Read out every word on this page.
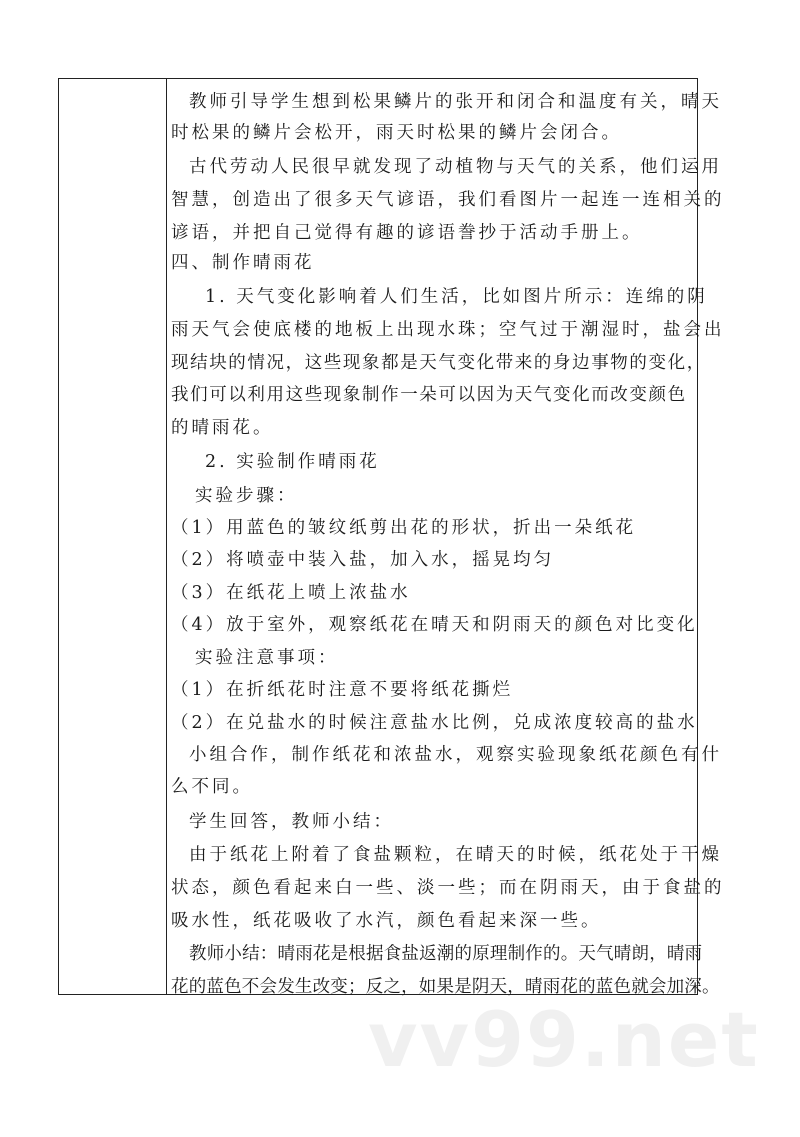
教师引导学生想到松果鳞片的张开和闭合和温度有关，晴天
时松果的鳞片会松开，雨天时松果的鳞片会闭合。
古代劳动人民很早就发现了动植物与天气的关系，他们运用
智慧，创造出了很多天气谚语，我们看图片一起连一连相关的
谚语，并把自己觉得有趣的谚语誊抄于活动手册上。
四、制作晴雨花
1. 天气变化影响着人们生活，比如图片所示：连绵的阴
雨天气会使底楼的地板上出现水珠；空气过于潮湿时，盐会出
现结块的情况，这些现象都是天气变化带来的身边事物的变化，
我们可以利用这些现象制作一朵可以因为天气变化而改变颜色
的晴雨花。
2. 实验制作晴雨花
实验步骤：
（1）用蓝色的皱纹纸剪出花的形状，折出一朵纸花
（2）将喷壶中装入盐，加入水，摇晃均匀
（3）在纸花上喷上浓盐水
（4）放于室外，观察纸花在晴天和阴雨天的颜色对比变化
实验注意事项：
（1）在折纸花时注意不要将纸花撕烂
（2）在兑盐水的时候注意盐水比例，兑成浓度较高的盐水
小组合作，制作纸花和浓盐水，观察实验现象纸花颜色有什
么不同。
学生回答，教师小结：
由于纸花上附着了食盐颗粒，在晴天的时候，纸花处于干燥
状态，颜色看起来白一些、淡一些；而在阴雨天，由于食盐的
吸水性，纸花吸收了水汽，颜色看起来深一些。
教师小结：晴雨花是根据食盐返潮的原理制作的。天气晴朗，晴雨
花的蓝色不会发生改变；反之，如果是阴天，晴雨花的蓝色就会加深。
vv99.net
